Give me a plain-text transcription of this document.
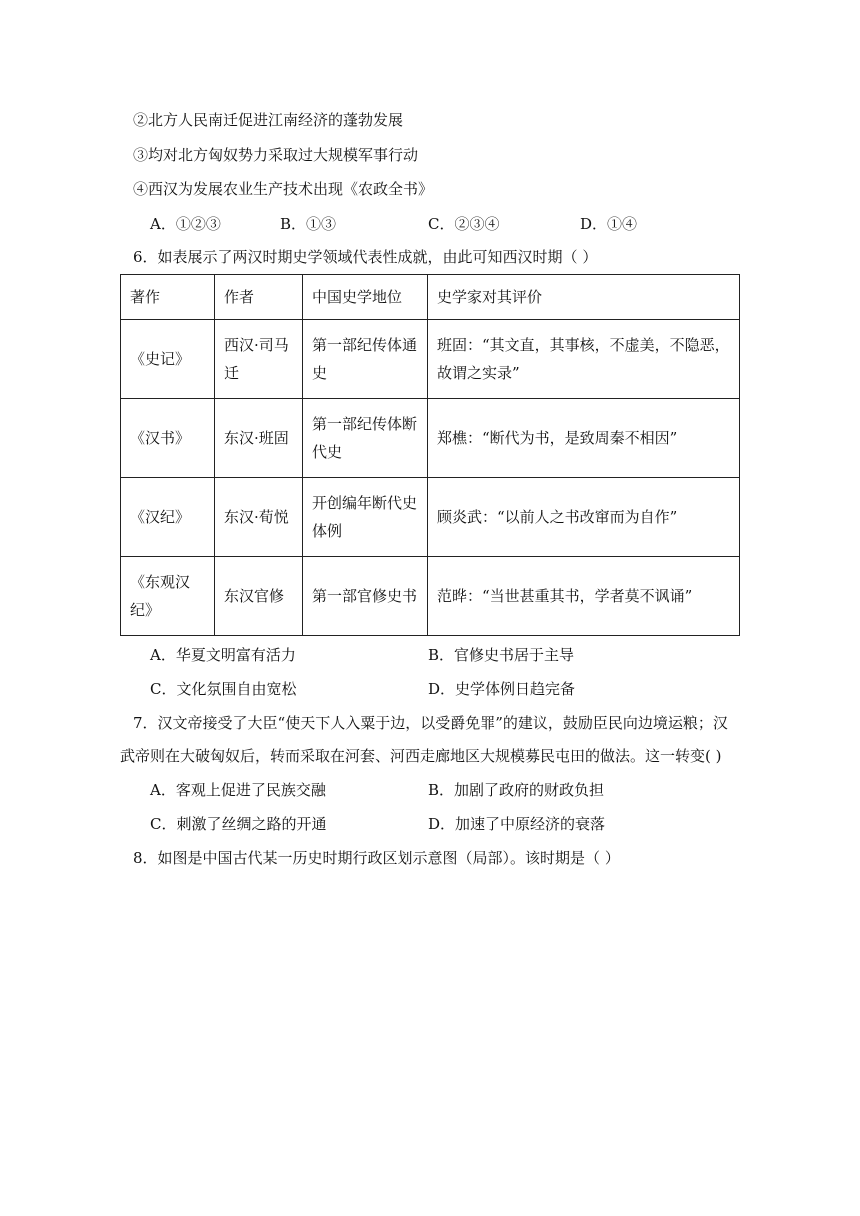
②北方人民南迁促进江南经济的蓬勃发展
③均对北方匈奴势力采取过大规模军事行动
④西汉为发展农业生产技术出现《农政全书》
A．①②③	B．①③	C．②③④	D．①④
6．如表展示了两汉时期史学领域代表性成就，由此可知西汉时期（ ）
著作	作者	中国史学地位	史学家对其评价
《史记》	西汉·司马迁	第一部纪传体通史	班固：“其文直，其事核，不虚美，不隐恶，故谓之实录”
《汉书》	东汉·班固	第一部纪传体断代史	郑樵：“断代为书，是致周秦不相因”
《汉纪》	东汉·荀悦	开创编年断代史体例	顾炎武：“以前人之书改窜而为自作”
《东观汉纪》	东汉官修	第一部官修史书	范晔：“当世甚重其书，学者莫不讽诵”
A．华夏文明富有活力	B．官修史书居于主导
C．文化氛围自由宽松	D．史学体例日趋完备
7．汉文帝接受了大臣“使天下人入粟于边，以受爵免罪”的建议，鼓励臣民向边境运粮；汉
武帝则在大破匈奴后，转而采取在河套、河西走廊地区大规模募民屯田的做法。这一转变( )
A．客观上促进了民族交融	B．加剧了政府的财政负担
C．刺激了丝绸之路的开通	D．加速了中原经济的衰落
8．如图是中国古代某一历史时期行政区划示意图（局部）。该时期是（ ）
